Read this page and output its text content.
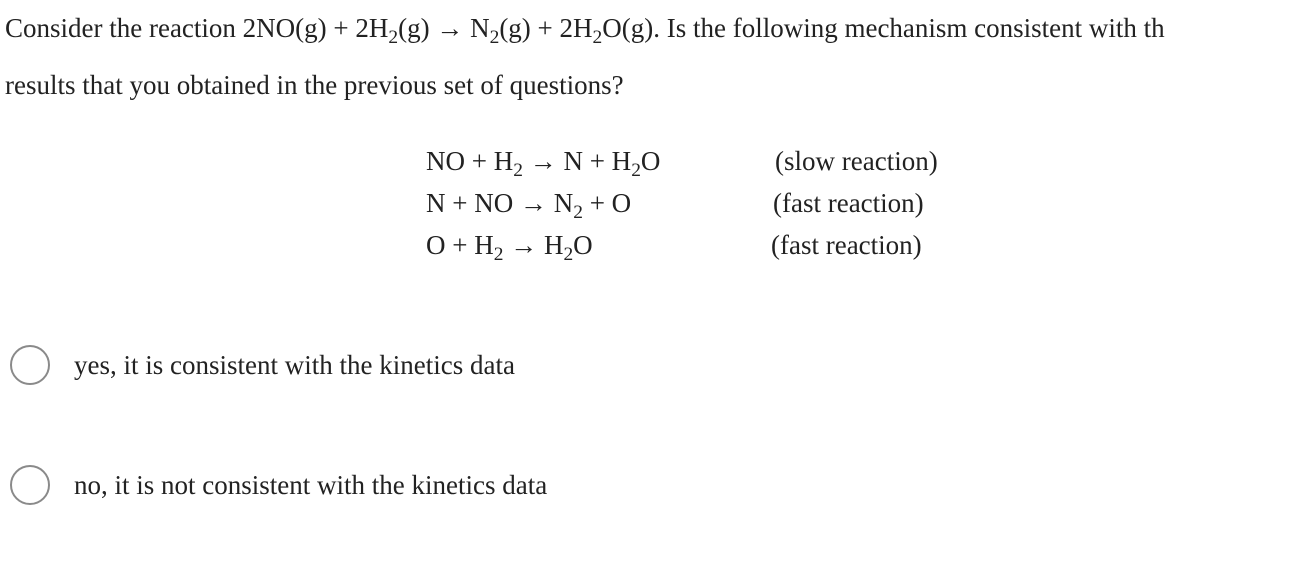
Consider the reaction $2NO(g) + 2H_2(g) \to N_2(g) + 2H_2O(g)$. Is the following mechanism consistent with th
results that you obtained in the previous set of questions?
NO + $H_2 \to N + H_2O$	(slow reaction)
N + NO → $N_2 + O$	(fast reaction)
$O + H_2 \to H_2O$	(fast reaction)
yes, it is consistent with the kinetics data
no, it is not consistent with the kinetics data
